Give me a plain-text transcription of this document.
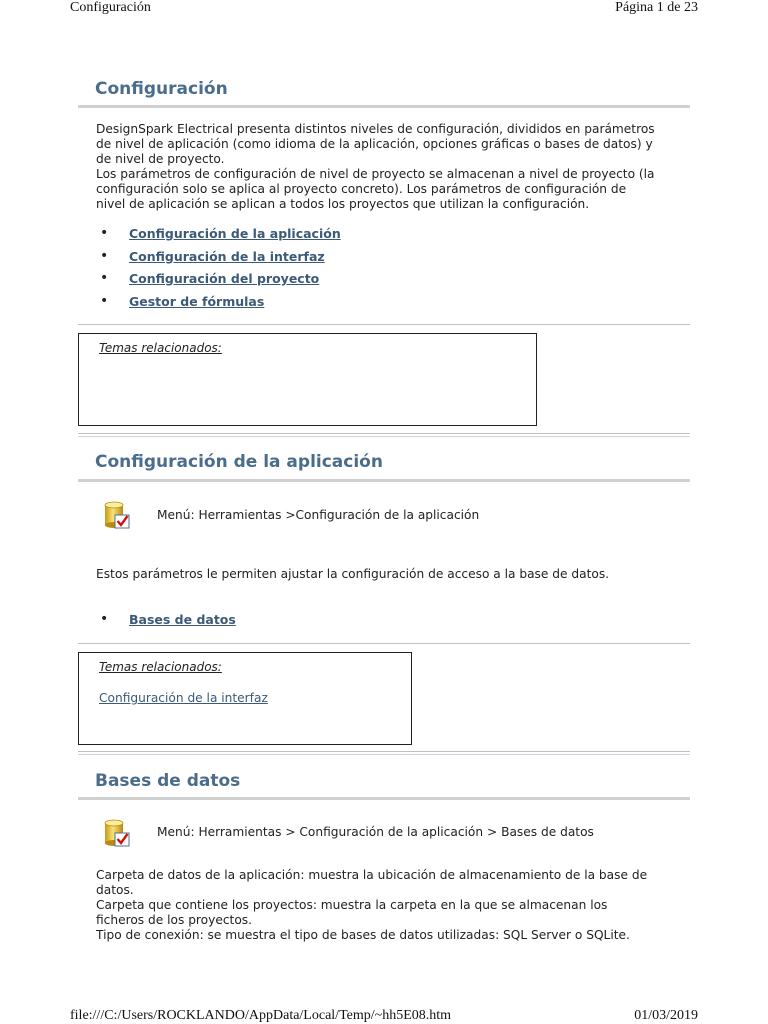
Configuración	Página 1 de 23
Configuración
DesignSpark Electrical presenta distintos niveles de configuración, divididos en parámetros
de nivel de aplicación (como idioma de la aplicación, opciones gráficas o bases de datos) y
de nivel de proyecto.
Los parámetros de configuración de nivel de proyecto se almacenan a nivel de proyecto (la
configuración solo se aplica al proyecto concreto). Los parámetros de configuración de
nivel de aplicación se aplican a todos los proyectos que utilizan la configuración.
• Configuración de la aplicación
• Configuración de la interfaz
• Configuración del proyecto
• Gestor de fórmulas
Temas relacionados:
Configuración de la aplicación
Menú: Herramientas >Configuración de la aplicación
Estos parámetros le permiten ajustar la configuración de acceso a la base de datos.
• Bases de datos
Temas relacionados:
Configuración de la interfaz
Bases de datos
Menú: Herramientas > Configuración de la aplicación > Bases de datos
Carpeta de datos de la aplicación: muestra la ubicación de almacenamiento de la base de
datos.
Carpeta que contiene los proyectos: muestra la carpeta en la que se almacenan los
ficheros de los proyectos.
Tipo de conexión: se muestra el tipo de bases de datos utilizadas: SQL Server o SQLite.
file:///C:/Users/ROCKLANDO/AppData/Local/Temp/~hh5E08.htm	01/03/2019
